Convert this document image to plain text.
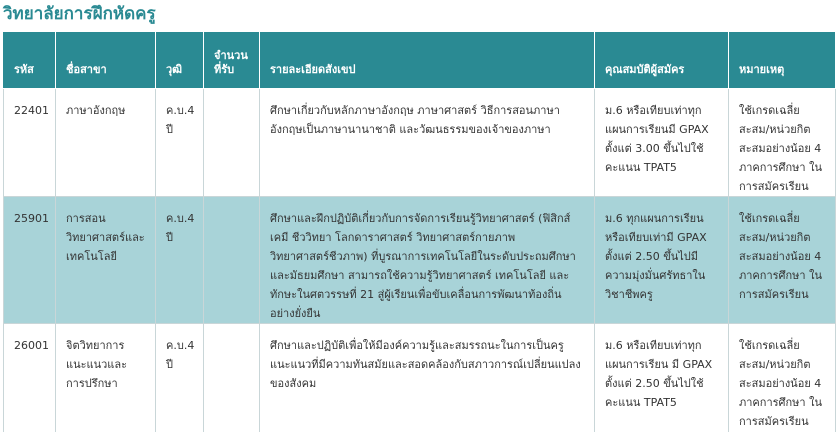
วิทยาลัยการฝึกหัดครู
รหัส	ชื่อสาขา	วุฒิ	จำนวนที่รับ	รายละเอียดสังเขป	คุณสมบัติผู้สมัคร	หมายเหตุ
22401	ภาษาอังกฤษ	ค.บ.4 ปี		ศึกษาเกี่ยวกับหลักภาษาอังกฤษ ภาษาศาสตร์ วิธีการสอนภาษาอังกฤษเป็นภาษานานาชาติ และวัฒนธรรมของเจ้าของภาษา	ม.6 หรือเทียบเท่าทุกแผนการเรียนมี GPAX ตั้งแต่ 3.00 ขึ้นไปใช้คะแนน TPAT5	ใช้เกรดเฉลี่ยสะสม/หน่วยกิตสะสมอย่างน้อย 4 ภาคการศึกษา ในการสมัครเรียน
25901	การสอนวิทยาศาสตร์และเทคโนโลยี	ค.บ.4 ปี		ศึกษาและฝึกปฏิบัติเกี่ยวกับการจัดการเรียนรู้วิทยาศาสตร์ (ฟิสิกส์ เคมี ชีววิทยา โลกดาราศาสตร์ วิทยาศาสตร์กายภาพ วิทยาศาสตร์ชีวภาพ) ที่บูรณาการเทคโนโลยีในระดับประถมศึกษาและมัธยมศึกษา สามารถใช้ความรู้วิทยาศาสตร์ เทคโนโลยี และทักษะในศตวรรษที่ 21 สู่ผู้เรียนเพื่อขับเคลื่อนการพัฒนาท้องถิ่นอย่างยั่งยืน	ม.6 ทุกแผนการเรียน หรือเทียบเท่ามี GPAX ตั้งแต่ 2.50 ขึ้นไปมีความมุ่งมั่นศรัทธาในวิชาชีพครู	ใช้เกรดเฉลี่ยสะสม/หน่วยกิตสะสมอย่างน้อย 4 ภาคการศึกษา ในการสมัครเรียน
26001	จิตวิทยาการแนะแนวและการปรึกษา	ค.บ.4 ปี		ศึกษาและปฏิบัติเพื่อให้มีองค์ความรู้และสมรรถนะในการเป็นครูแนะแนวที่มีความทันสมัยและสอดคล้องกับสภาวการณ์เปลี่ยนแปลงของสังคม	ม.6 หรือเทียบเท่าทุกแผนการเรียน มี GPAX ตั้งแต่ 2.50 ขึ้นไปใช้คะแนน TPAT5	ใช้เกรดเฉลี่ยสะสม/หน่วยกิตสะสมอย่างน้อย 4 ภาคการศึกษา ในการสมัครเรียน
